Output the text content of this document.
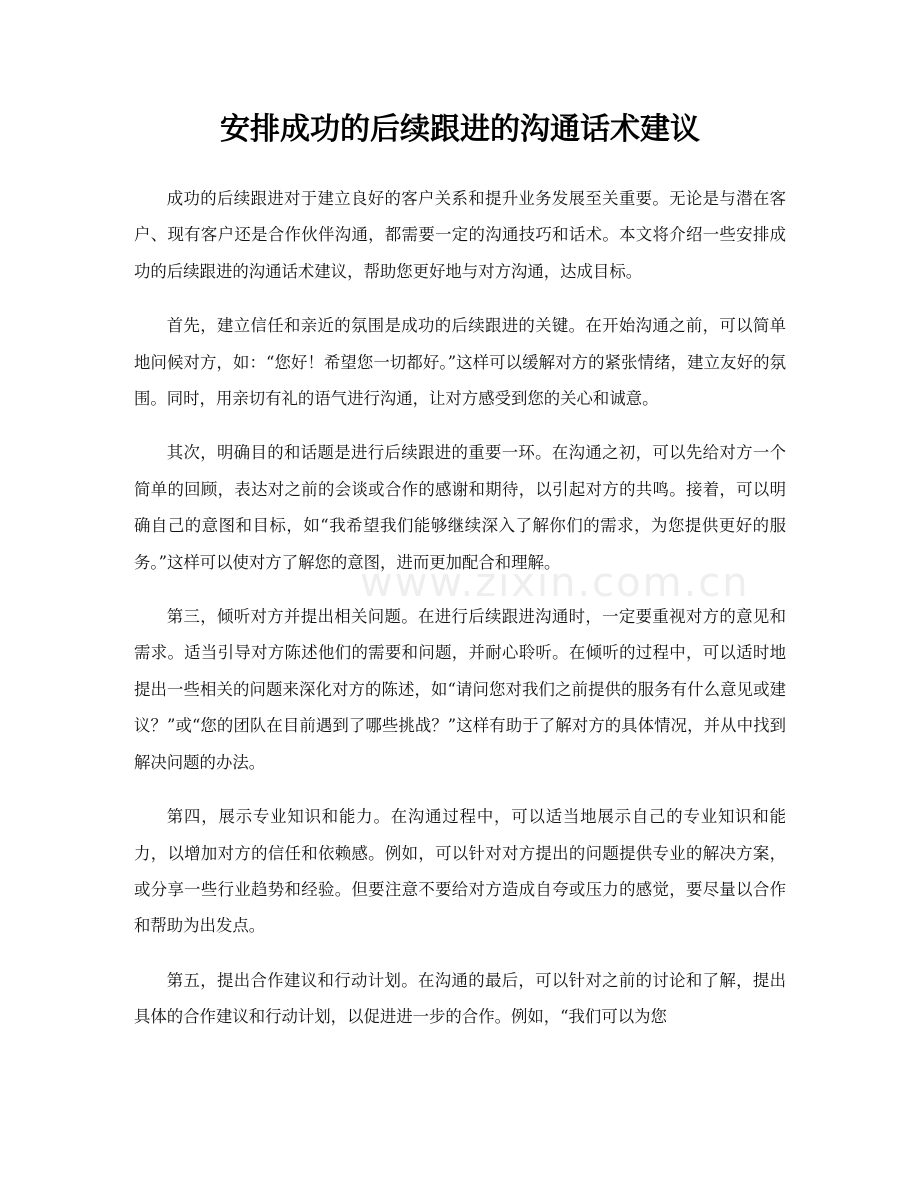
安排成功的后续跟进的沟通话术建议

成功的后续跟进对于建立良好的客户关系和提升业务发展至关重要。无论是与潜在客户、现有客户还是合作伙伴沟通，都需要一定的沟通技巧和话术。本文将介绍一些安排成功的后续跟进的沟通话术建议，帮助您更好地与对方沟通，达成目标。

首先，建立信任和亲近的氛围是成功的后续跟进的关键。在开始沟通之前，可以简单地问候对方，如：“您好！希望您一切都好。”这样可以缓解对方的紧张情绪，建立友好的氛围。同时，用亲切有礼的语气进行沟通，让对方感受到您的关心和诚意。

其次，明确目的和话题是进行后续跟进的重要一环。在沟通之初，可以先给对方一个简单的回顾，表达对之前的会谈或合作的感谢和期待，以引起对方的共鸣。接着，可以明确自己的意图和目标，如“我希望我们能够继续深入了解你们的需求，为您提供更好的服务。”这样可以使对方了解您的意图，进而更加配合和理解。

第三，倾听对方并提出相关问题。在进行后续跟进沟通时，一定要重视对方的意见和需求。适当引导对方陈述他们的需要和问题，并耐心聆听。在倾听的过程中，可以适时地提出一些相关的问题来深化对方的陈述，如“请问您对我们之前提供的服务有什么意见或建议？”或“您的团队在目前遇到了哪些挑战？”这样有助于了解对方的具体情况，并从中找到解决问题的办法。

第四，展示专业知识和能力。在沟通过程中，可以适当地展示自己的专业知识和能力，以增加对方的信任和依赖感。例如，可以针对对方提出的问题提供专业的解决方案，或分享一些行业趋势和经验。但要注意不要给对方造成自夸或压力的感觉，要尽量以合作和帮助为出发点。

第五，提出合作建议和行动计划。在沟通的最后，可以针对之前的讨论和了解，提出具体的合作建议和行动计划，以促进进一步的合作。例如，“我们可以为您

www.zixin.com.cn
